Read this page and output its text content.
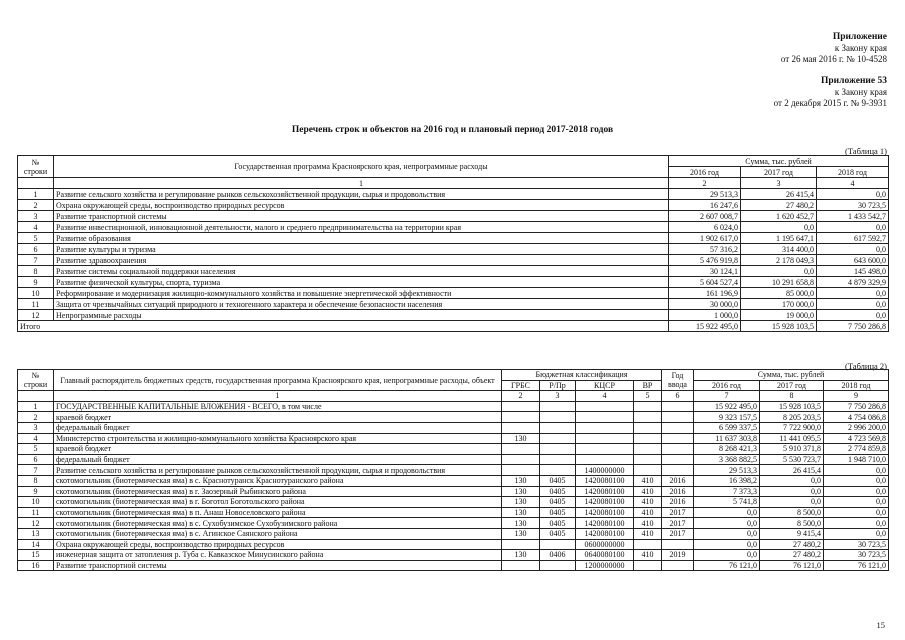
Приложение
к Закону края
от 26 мая 2016 г. № 10-4528
Приложение 53
к Закону края
от 2 декабря 2015 г. № 9-3931
Перечень строк и объектов на 2016 год и плановый период 2017-2018 годов
(Таблица 1)
№ строки	Государственная программа Красноярского края, непрограммные расходы	Сумма, тыс. рублей		
		2016 год	2017 год	2018 год
	1	2	3	4
1	Развитие сельского хозяйства и регулирование рынков сельскохозяйственной продукции, сырья и продовольствия	29 513,3	26 415,4	0,0
2	Охрана окружающей среды, воспроизводство природных ресурсов	16 247,6	27 480,2	30 723,5
3	Развитие транспортной системы	2 607 008,7	1 620 452,7	1 433 542,7
4	Развитие инвестиционной, инновационной деятельности, малого и среднего предпринимательства на территории края	6 024,0	0,0	0,0
5	Развитие образования	1 902 617,0	1 195 647,1	617 592,7
6	Развитие культуры и туризма	57 316,2	314 400,0	0,0
7	Развитие здравоохранения	5 476 919,8	2 178 049,3	643 600,0
8	Развитие системы социальной поддержки населения	30 124,1	0,0	145 498,0
9	Развитие физической культуры, спорта, туризма	5 604 527,4	10 291 658,8	4 879 329,9
10	Реформирование и модернизация жилищно-коммунального хозяйства и повышение энергетической эффективности	161 196,9	85 000,0	0,0
11	Защита от чрезвычайных ситуаций природного и техногенного характера и обеспечение безопасности населения	30 000,0	170 000,0	0,0
12	Непрограммные расходы	1 000,0	19 000,0	0,0
Итого		15 922 495,0	15 928 103,5	7 750 286,8
(Таблица 2)
№ строки	Главный распорядитель бюджетных средств, государственная программа Красноярского края, непрограммные расходы, объект	Бюджетная классификация				Год ввода	Сумма, тыс. рублей		
		ГРБС	Р/Пр	КЦСР	ВР		2016 год	2017 год	2018 год
	1	2	3	4	5	6	7	8	9
1	ГОСУДАРСТВЕННЫЕ КАПИТАЛЬНЫЕ ВЛОЖЕНИЯ - ВСЕГО, в том числе						15 922 495,0	15 928 103,5	7 750 286,8
2	краевой бюджет						9 323 157,5	8 205 203,5	4 754 086,8
3	федеральный бюджет						6 599 337,5	7 722 900,0	2 996 200,0
4	Министерство строительства и жилищно-коммунального хозяйства Красноярского края	130					11 637 303,8	11 441 095,5	4 723 569,8
5	краевой бюджет						8 268 421,3	5 910 371,8	2 774 859,8
6	федеральный бюджет						3 368 882,5	5 530 723,7	1 948 710,0
7	Развитие сельского хозяйства и регулирование рынков сельскохозяйственной продукции, сырья и продовольствия			1400000000			29 513,3	26 415,4	0,0
8	скотомогильник (биотермическая яма) в с. Краснотуранск Краснотуранского района	130	0405	1420080100	410	2016	16 398,2	0,0	0,0
9	скотомогильник (биотермическая яма) в г. Заозерный Рыбинского района	130	0405	1420080100	410	2016	7 373,3	0,0	0,0
10	скотомогильник (биотермическая яма) в г. Боготол Боготольского района	130	0405	1420080100	410	2016	5 741,8	0,0	0,0
11	скотомогильник (биотермическая яма) в п. Анаш Новоселовского района	130	0405	1420080100	410	2017	0,0	8 500,0	0,0
12	скотомогильник (биотермическая яма) в с. Сухобузимское Сухобузимского района	130	0405	1420080100	410	2017	0,0	8 500,0	0,0
13	скотомогильник (биотермическая яма) в с. Агинское Саянского района	130	0405	1420080100	410	2017	0,0	9 415,4	0,0
14	Охрана окружающей среды, воспроизводство природных ресурсов			0600000000			0,0	27 480,2	30 723,5
15	инженерная защита от затопления р. Туба с. Кавказское Минусинского района	130	0406	0640080100	410	2019	0,0	27 480,2	30 723,5
16	Развитие транспортной системы			1200000000			76 121,0	76 121,0	76 121,0
15
